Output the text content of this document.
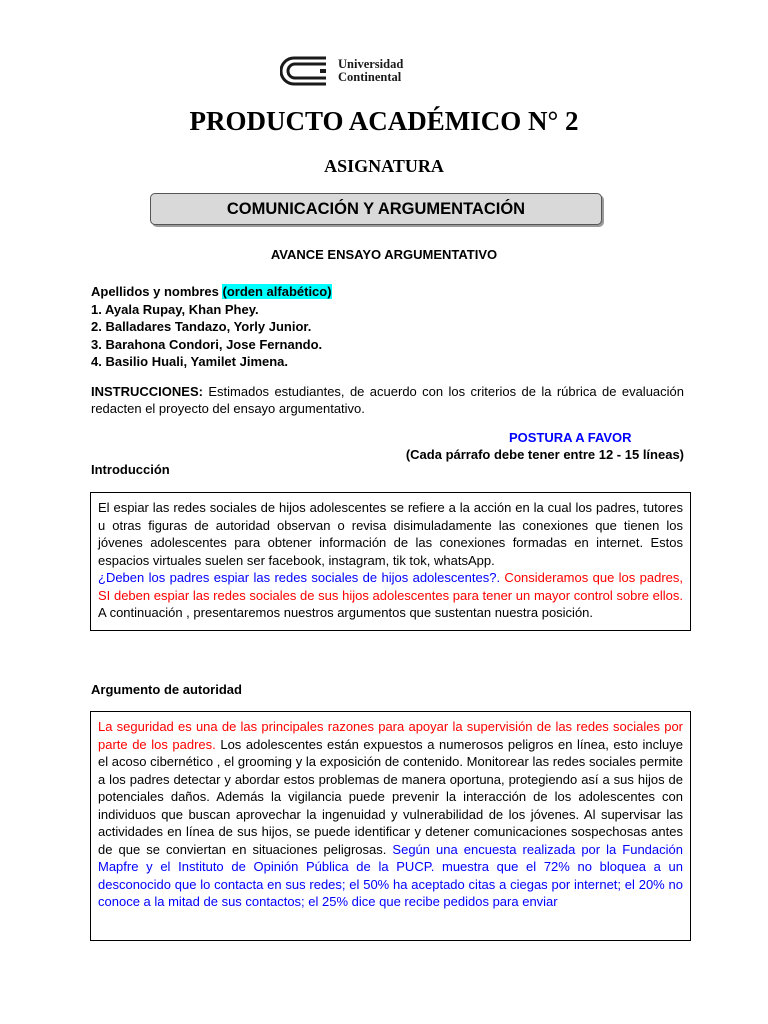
Universidad
Continental
PRODUCTO ACADÉMICO N° 2
ASIGNATURA
COMUNICACIÓN Y ARGUMENTACIÓN
AVANCE ENSAYO ARGUMENTATIVO
Apellidos y nombres (orden alfabético)
1. Ayala Rupay, Khan Phey.
2. Balladares Tandazo, Yorly Junior.
3. Barahona Condori, Jose Fernando.
4. Basilio Huali, Yamilet Jimena.
INSTRUCCIONES: Estimados estudiantes, de acuerdo con los criterios de la rúbrica de evaluación redacten el proyecto del ensayo argumentativo.
POSTURA A FAVOR
(Cada párrafo debe tener entre 12 - 15 líneas)
Introducción
El espiar las redes sociales de hijos adolescentes se refiere a la acción en la cual los padres, tutores u otras figuras de autoridad observan o revisa disimuladamente las conexiones que tienen los jóvenes adolescentes para obtener información de las conexiones formadas en internet. Estos espacios virtuales suelen ser facebook, instagram, tik tok, whatsApp.
¿Deben los padres espiar las redes sociales de hijos adolescentes?. Consideramos que los padres, SI deben espiar las redes sociales de sus hijos adolescentes para tener un mayor control sobre ellos. A continuación , presentaremos nuestros argumentos que sustentan nuestra posición.
Argumento de autoridad
La seguridad es una de las principales razones para apoyar la supervisión de las redes sociales por parte de los padres. Los adolescentes están expuestos a numerosos peligros en línea, esto incluye el acoso cibernético , el grooming y la exposición de contenido. Monitorear las redes sociales permite a los padres detectar y abordar estos problemas de manera oportuna, protegiendo así a sus hijos de potenciales daños. Además la vigilancia puede prevenir la interacción de los adolescentes con individuos que buscan aprovechar la ingenuidad y vulnerabilidad de los jóvenes. Al supervisar las actividades en línea de sus hijos, se puede identificar y detener comunicaciones sospechosas antes de que se conviertan en situaciones peligrosas. Según una encuesta realizada por la Fundación Mapfre y el Instituto de Opinión Pública de la PUCP. muestra que el 72% no bloquea a un desconocido que lo contacta en sus redes; el 50% ha aceptado citas a ciegas por internet; el 20% no conoce a la mitad de sus contactos; el 25% dice que recibe pedidos para enviar
